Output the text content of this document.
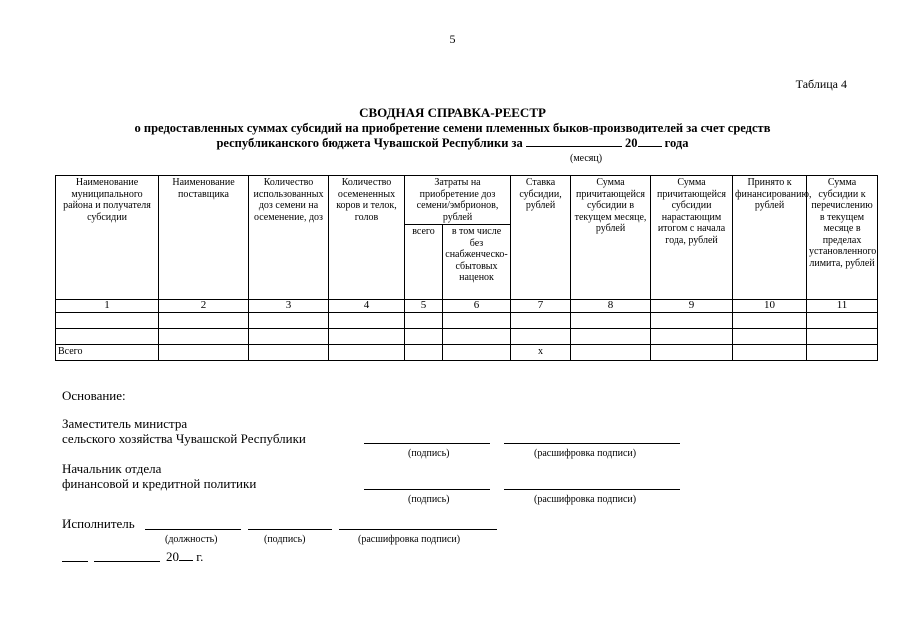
5
Таблица 4
СВОДНАЯ СПРАВКА-РЕЕСТР
о предоставленных суммах субсидий на приобретение семени племенных быков-производителей за счет средств
республиканского бюджета Чувашской Республики за	20 года
(месяц)
Наименование муниципального района и получателя субсидии	Наименование поставщика	Количество использованных доз семени на осеменение, доз	Количество осемененных коров и телок, голов	Затраты на приобретение доз семени/эмбрионов, рублей		Ставка субсидии, рублей	Сумма причитающейся субсидии в текущем месяце, рублей	Сумма причитающейся субсидии нарастающим итогом с начала года, рублей	Принято к финансированию, рублей	Сумма субсидии к перечислению в текущем месяце в пределах установленного лимита, рублей
				всего	в том числе без снабженческо-сбытовых наценок					
1	2	3	4	5	6	7	8	9	10	11

Всего						х				
Основание:
Заместитель министра
сельского хозяйства Чувашской Республики
(подпись)	(расшифровка подписи)
Начальник отдела
финансовой и кредитной политики
(подпись)	(расшифровка подписи)
Исполнитель
(должность)	(подпись)	(расшифровка подписи)
20 г.
